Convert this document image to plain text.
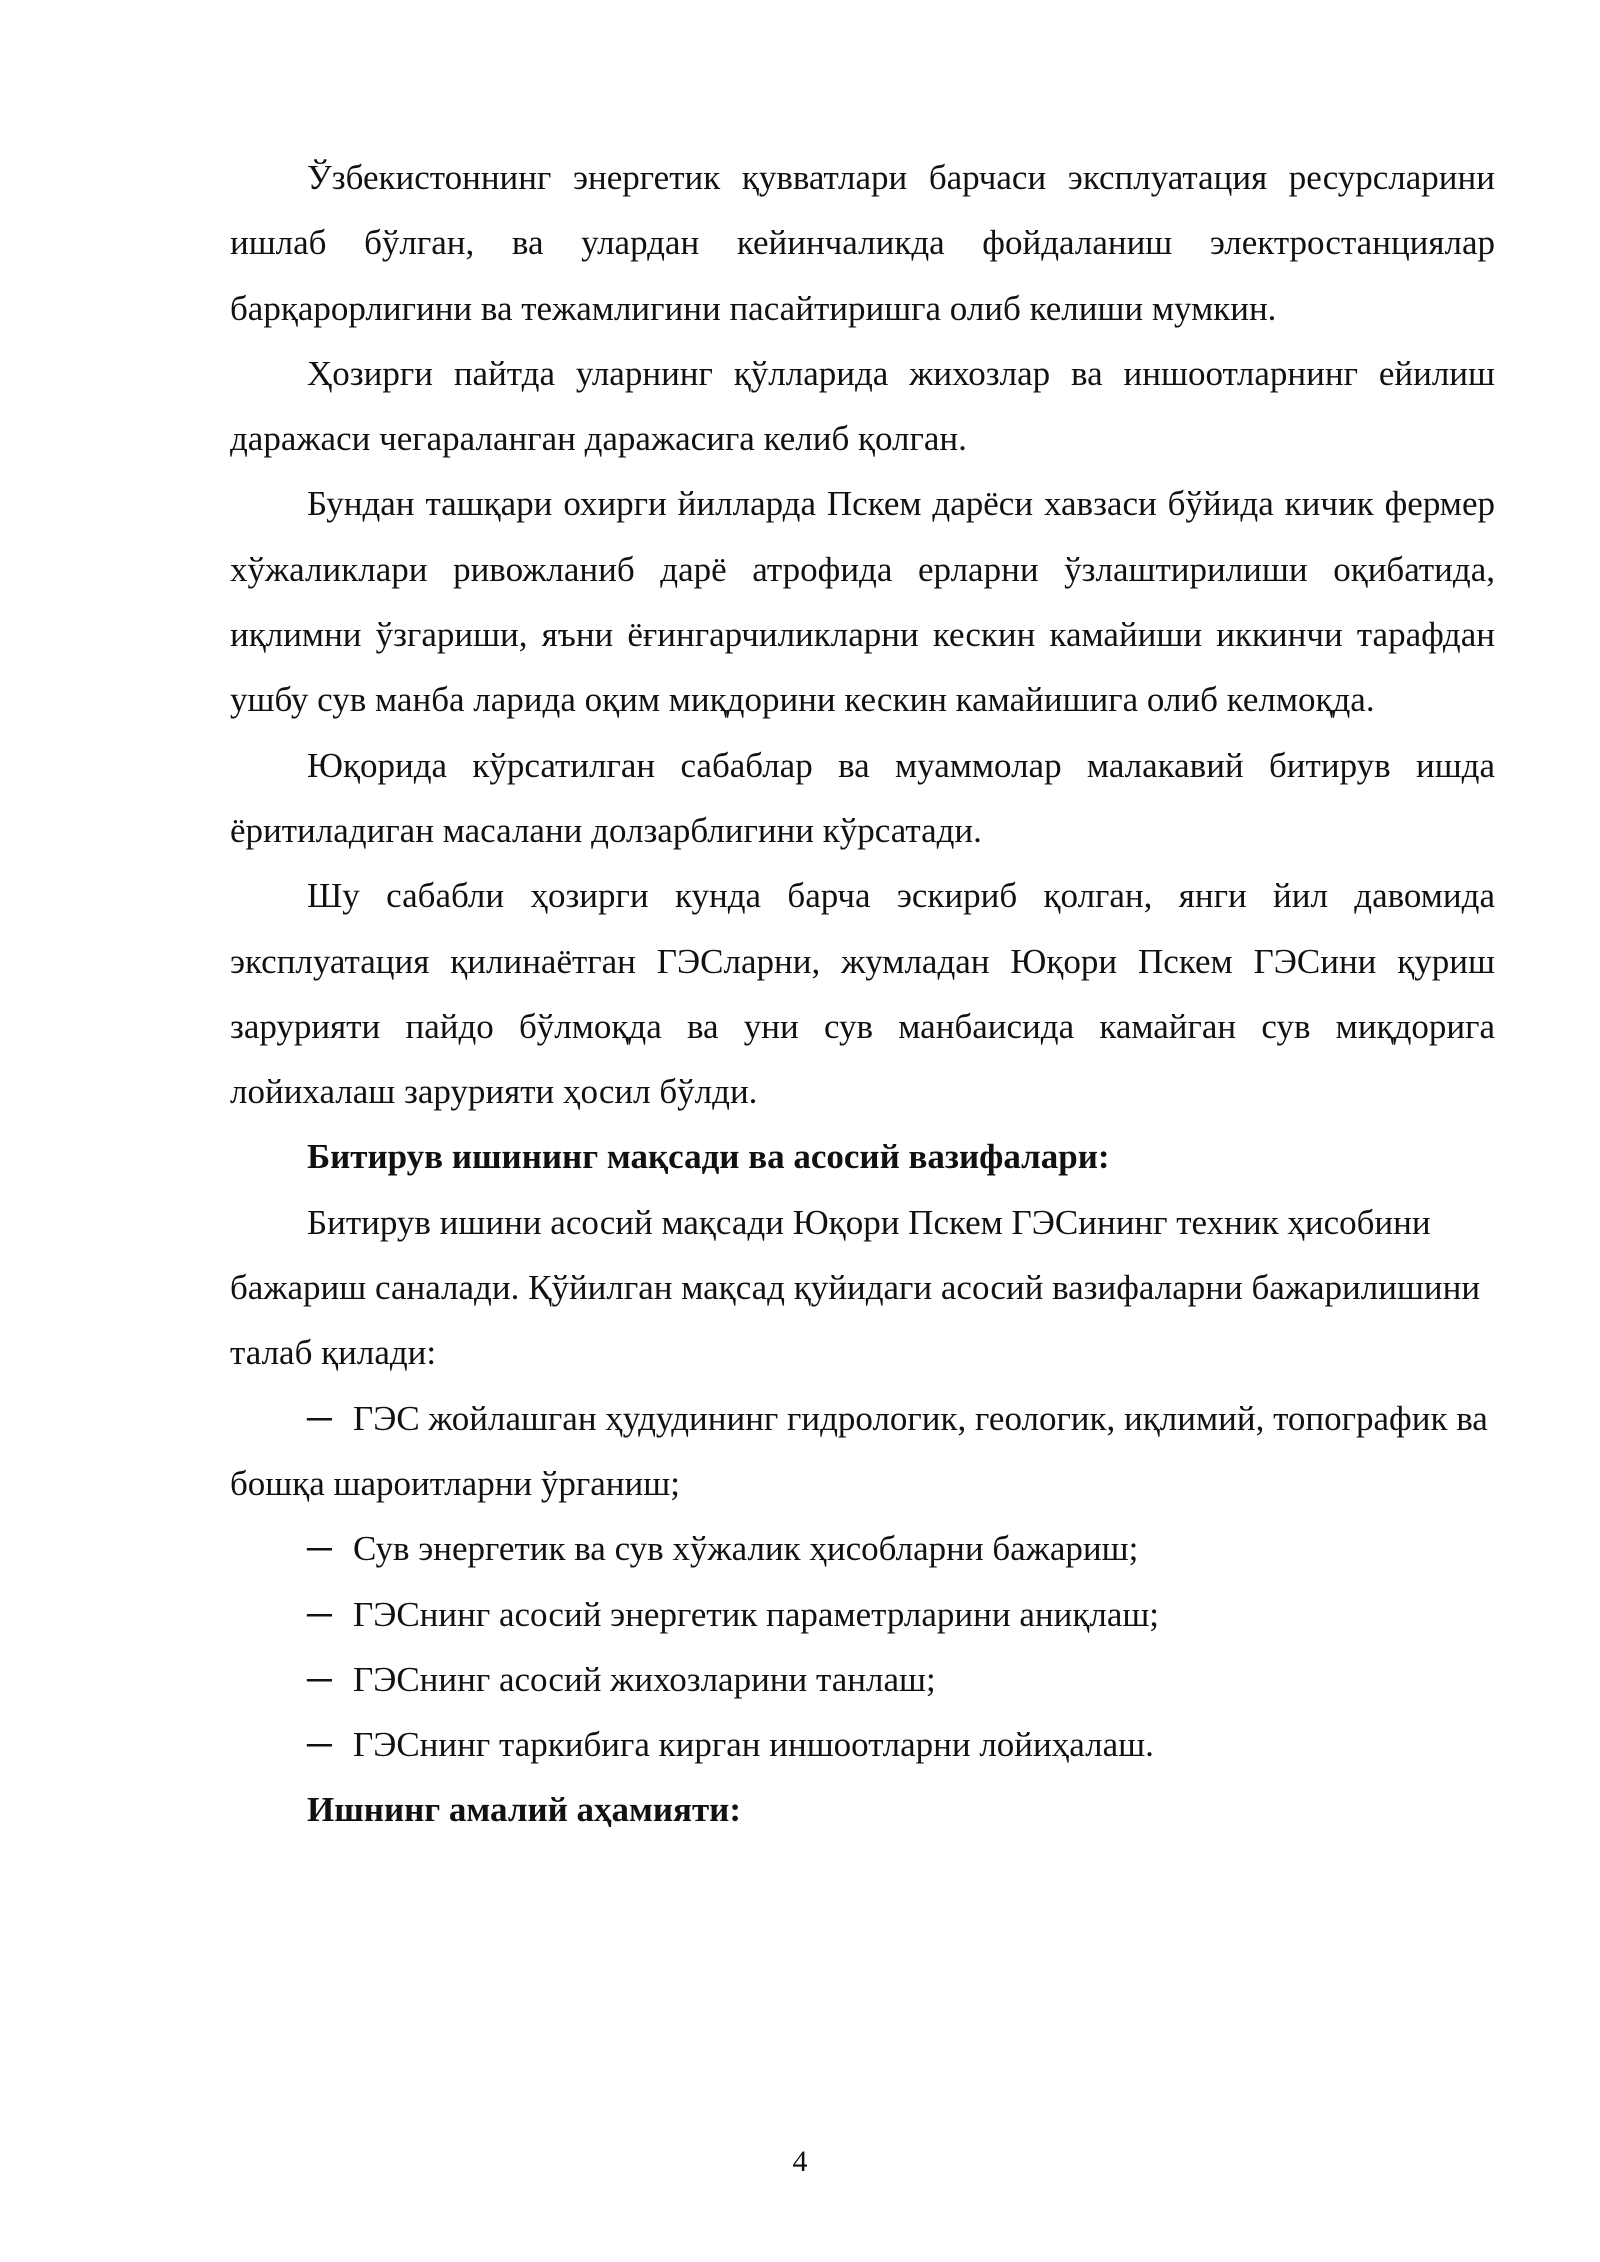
Ўзбекистоннинг энергетик қувватлари барчаси эксплуатация ресурсларини ишлаб бўлган, ва улардан кейинчаликда фойдаланиш электростанциялар барқарорлигини ва тежамлигини пасайтиришга олиб келиши мумкин.

Ҳозирги пайтда уларнинг қўлларида жихозлар ва иншоотларнинг ейилиш даражаси чегараланган даражасига келиб қолган.

Бундан ташқари охирги йилларда Пскем дарёси хавзаси бўйида кичик фермер хўжаликлари ривожланиб дарё атрофида ерларни ўзлаштирилиши оқибатида, иқлимни ўзгариши, яъни ёғингарчиликларни кескин камайиши иккинчи тарафдан ушбу сув манба ларида оқим миқдорини кескин камайишига олиб келмоқда.

Юқорида кўрсатилган сабаблар ва муаммолар малакавий битирув ишда ёритиладиган масалани долзарблигини кўрсатади.

Шу сабабли ҳозирги кунда барча эскириб қолган, янги йил давомида эксплуатация қилинаётган ГЭСларни, жумладан Юқори Пскем ГЭСини қуриш зарурияти пайдо бўлмоқда ва уни сув манбаисида камайган сув миқдорига лойихалаш зарурияти ҳосил бўлди.

Битирув ишининг мақсади ва асосий вазифалари:

Битирув ишини асосий мақсади Юқори Пскем ГЭСининг техник ҳисобини бажариш саналади. Қўйилган мақсад қуйидаги асосий вазифаларни бажарилишини талаб қилади:

─ ГЭС жойлашган ҳудудининг гидрологик, геологик, иқлимий, топографик ва бошқа шароитларни ўрганиш;

─ Сув энергетик ва сув хўжалик ҳисобларни бажариш;

─ ГЭСнинг асосий энергетик параметрларини аниқлаш;

─ ГЭСнинг асосий жихозларини танлаш;

─ ГЭСнинг таркибига кирган иншоотларни лойиҳалаш.

Ишнинг амалий аҳамияти:

4
